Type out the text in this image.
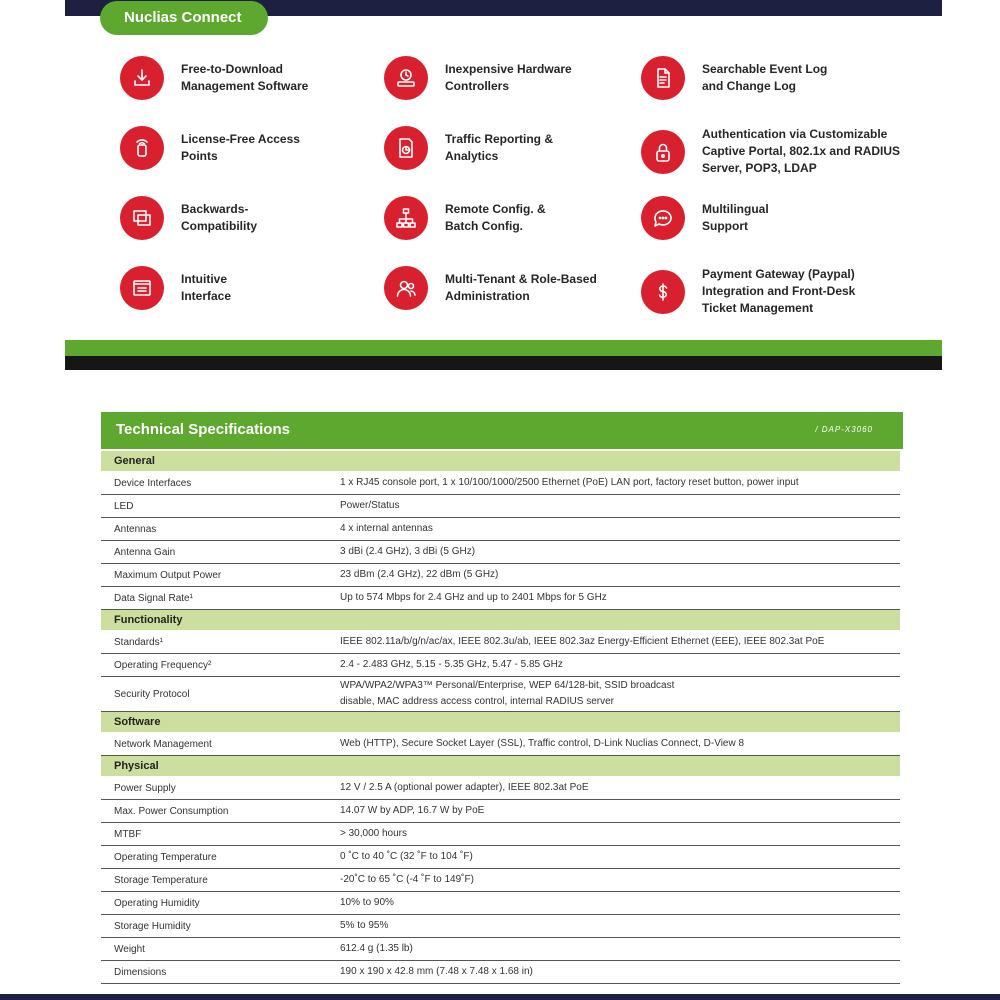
Nuclias Connect
Free-to-Download
Management Software
Inexpensive Hardware
Controllers
Searchable Event Log
and Change Log
License-Free Access
Points
Traffic Reporting &
Analytics
Authentication via Customizable
Captive Portal, 802.1x and RADIUS
Server, POP3, LDAP
Backwards-
Compatibility
Remote Config. &
Batch Config.
Multilingual
Support
Intuitive
Interface
Multi-Tenant & Role-Based
Administration
Payment Gateway (Paypal)
Integration and Front-Desk
Ticket Management
Technical Specifications	/ DAP-X3060
General	
Device Interfaces	1 x RJ45 console port, 1 x 10/100/1000/2500 Ethernet (PoE) LAN port, factory reset button, power input
LED	Power/Status
Antennas	4 x internal antennas
Antenna Gain	3 dBi (2.4 GHz), 3 dBi (5 GHz)
Maximum Output Power	23 dBm (2.4 GHz), 22 dBm (5 GHz)
Data Signal Rate¹	Up to 574 Mbps for 2.4 GHz and up to 2401 Mbps for 5 GHz
Functionality	
Standards¹	IEEE 802.11a/b/g/n/ac/ax, IEEE 802.3u/ab, IEEE 802.3az Energy-Efficient Ethernet (EEE), IEEE 802.3at PoE
Operating Frequency²	2.4 - 2.483 GHz, 5.15 - 5.35 GHz, 5.47 - 5.85 GHz
Security Protocol	WPA/WPA2/WPA3™ Personal/Enterprise, WEP 64/128-bit, SSID broadcast
disable, MAC address access control, internal RADIUS server
Software	
Network Management	Web (HTTP), Secure Socket Layer (SSL), Traffic control, D-Link Nuclias Connect, D-View 8
Physical	
Power Supply	12 V / 2.5 A (optional power adapter), IEEE 802.3at PoE
Max. Power Consumption	14.07 W by ADP, 16.7 W by PoE
MTBF	> 30,000 hours
Operating Temperature	0 ˚C to 40 ˚C (32 ˚F to 104 ˚F)
Storage Temperature	-20˚C to 65 ˚C (-4 ˚F to 149˚F)
Operating Humidity	10% to 90%
Storage Humidity	5% to 95%
Weight	612.4 g (1.35 lb)
Dimensions	190 x 190 x 42.8 mm (7.48 x 7.48 x 1.68 in)
